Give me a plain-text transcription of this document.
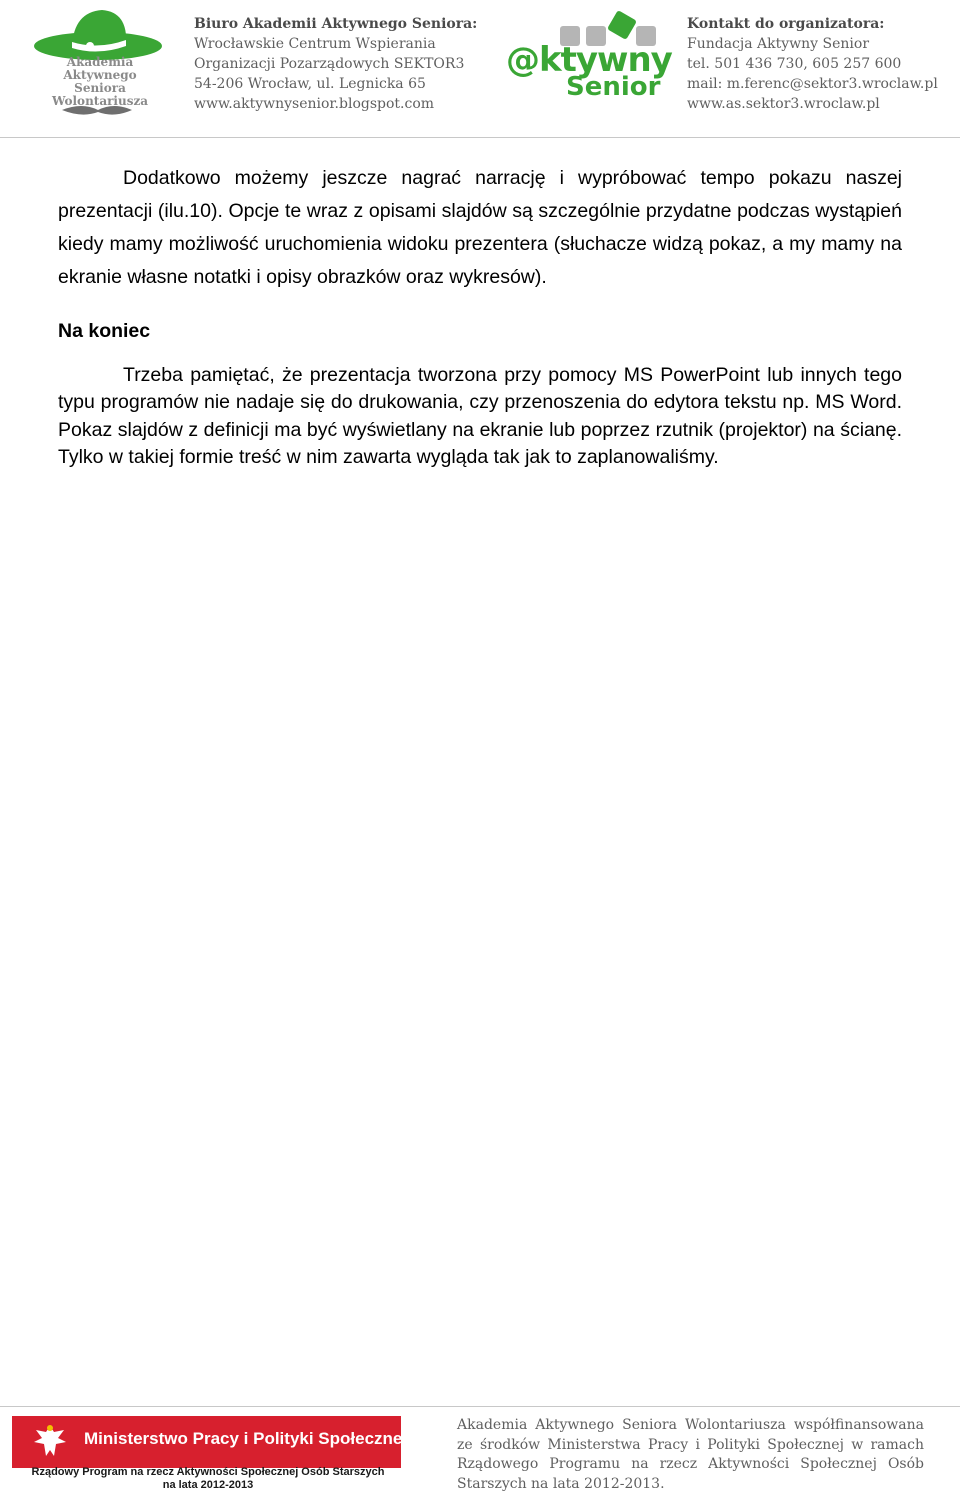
Akademia
Aktywnego
Seniora
Wolontariusza
Biuro Akademii Aktywnego Seniora:
Wrocławskie Centrum Wspierania
Organizacji Pozarządowych SEKTOR3
54-206 Wrocław, ul. Legnicka 65
www.aktywnysenior.blogspot.com
@ktywny
Senior
Kontakt do organizatora:
Fundacja Aktywny Senior
tel. 501 436 730, 605 257 600
mail: m.ferenc@sektor3.wroclaw.pl
www.as.sektor3.wroclaw.pl

Dodatkowo możemy jeszcze nagrać narrację i wypróbować tempo pokazu naszej prezentacji (ilu.10). Opcje te wraz z opisami slajdów są szczególnie przydatne podczas wystąpień kiedy mamy możliwość uruchomienia widoku prezentera (słuchacze widzą pokaz, a my mamy na ekranie własne notatki i opisy obrazków oraz wykresów).

Na koniec

Trzeba pamiętać, że prezentacja tworzona przy pomocy MS PowerPoint lub innych tego typu programów nie nadaje się do drukowania, czy przenoszenia do edytora tekstu np. MS Word. Pokaz slajdów z definicji ma być wyświetlany na ekranie lub poprzez rzutnik (projektor) na ścianę. Tylko w takiej formie treść w nim zawarta wygląda tak jak to zaplanowaliśmy.

Ministerstwo Pracy i Polityki Społecznej
Rządowy Program na rzecz Aktywności Społecznej Osób Starszych
na lata 2012-2013
Akademia Aktywnego Seniora Wolontariusza współfinansowana ze środków Ministerstwa Pracy i Polityki Społecznej w ramach Rządowego Programu na rzecz Aktywności Społecznej Osób Starszych na lata 2012-2013.
